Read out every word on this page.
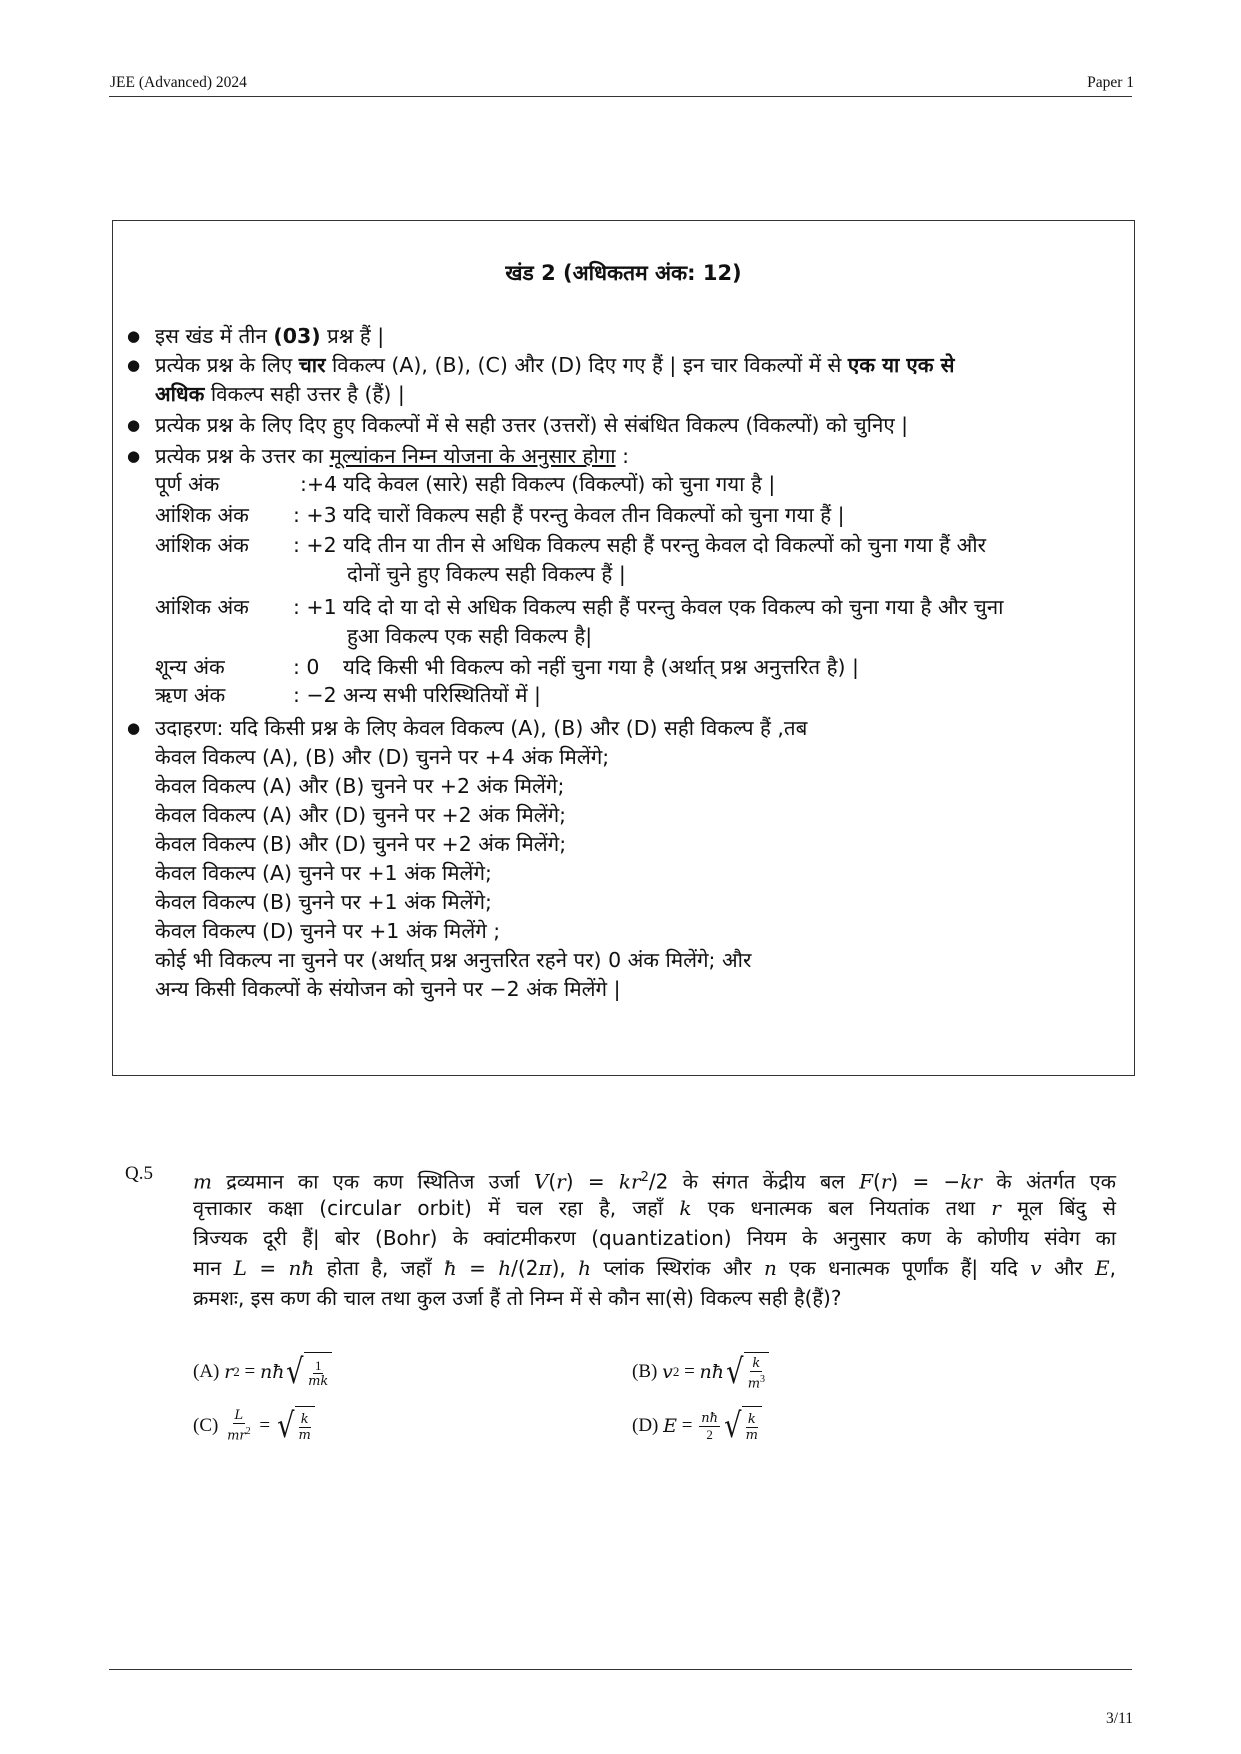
JEE (Advanced) 2024	Paper 1
खंड 2 (अधिकतम अंक: 12)
● इस खंड में तीन (03) प्रश्न हैं |
● प्रत्येक प्रश्न के लिए चार विकल्प (A), (B), (C) और (D) दिए गए हैं | इन चार विकल्पों में से एक या एक से
अधिक विकल्प सही उत्तर है (हैं) |
● प्रत्येक प्रश्न के लिए दिए हुए विकल्पों में से सही उत्तर (उत्तरों) से संबंधित विकल्प (विकल्पों) को चुनिए |
● प्रत्येक प्रश्न के उत्तर का मूल्यांकन निम्न योजना के अनुसार होगा :
पूर्ण अंक	:+4 यदि केवल (सारे) सही विकल्प (विकल्पों) को चुना गया है |
आंशिक अंक : +3 यदि चारों विकल्प सही हैं परन्तु केवल तीन विकल्पों को चुना गया हैं |
आंशिक अंक : +2 यदि तीन या तीन से अधिक विकल्प सही हैं परन्तु केवल दो विकल्पों को चुना गया हैं और
दोनों चुने हुए विकल्प सही विकल्प हैं |
आंशिक अंक : +1 यदि दो या दो से अधिक विकल्प सही हैं परन्तु केवल एक विकल्प को चुना गया है और चुना
हुआ विकल्प एक सही विकल्प है|
शून्य अंक	: 0 यदि किसी भी विकल्प को नहीं चुना गया है (अर्थात् प्रश्न अनुत्तरित है) |
ऋण अंक	: −2 अन्य सभी परिस्थितियों में |
● उदाहरण: यदि किसी प्रश्न के लिए केवल विकल्प (A), (B) और (D) सही विकल्प हैं ,तब
केवल विकल्प (A), (B) और (D) चुनने पर +4 अंक मिलेंगे;
केवल विकल्प (A) और (B) चुनने पर +2 अंक मिलेंगे;
केवल विकल्प (A) और (D) चुनने पर +2 अंक मिलेंगे;
केवल विकल्प (B) और (D) चुनने पर +2 अंक मिलेंगे;
केवल विकल्प (A) चुनने पर +1 अंक मिलेंगे;
केवल विकल्प (B) चुनने पर +1 अंक मिलेंगे;
केवल विकल्प (D) चुनने पर +1 अंक मिलेंगे ;
कोई भी विकल्प ना चुनने पर (अर्थात् प्रश्न अनुत्तरित रहने पर) 0 अंक मिलेंगे; और
अन्य किसी विकल्पों के संयोजन को चुनने पर −2 अंक मिलेंगे |
Q.5 m द्रव्यमान का एक कण स्थितिज उर्जा $V(r) = kr^2/2$ के संगत केंद्रीय बल F(r) = −kr के अंतर्गत एक
वृत्ताकार कक्षा (circular orbit) में चल रहा है, जहाँ k एक धनात्मक बल नियतांक तथा r मूल बिंदु से
त्रिज्यक दूरी हैं| बोर (Bohr) के क्वांटमीकरण (quantization) नियम के अनुसार कण के कोणीय संवेग का
मान L = nħ होता है, जहाँ ħ = h/(2π), h प्लांक स्थिरांक और n एक धनात्मक पूर्णांक हैं| यदि v और E,
क्रमशः, इस कण की चाल तथा कुल उर्जा हैं तो निम्न में से कौन सा(से) विकल्प सही है(हैं)?
(A)
r 2 = nħ √ $\frac{1}{mk}$	(B)
v 2 = nħ √ $\frac{k}{m^3}$
(C)
$\frac{L}{mr^2}$ = √ $\frac{k}{m}$	(D)
$E = \frac{nħ}{2}$ √ $\frac{k}{m}$
3/11
